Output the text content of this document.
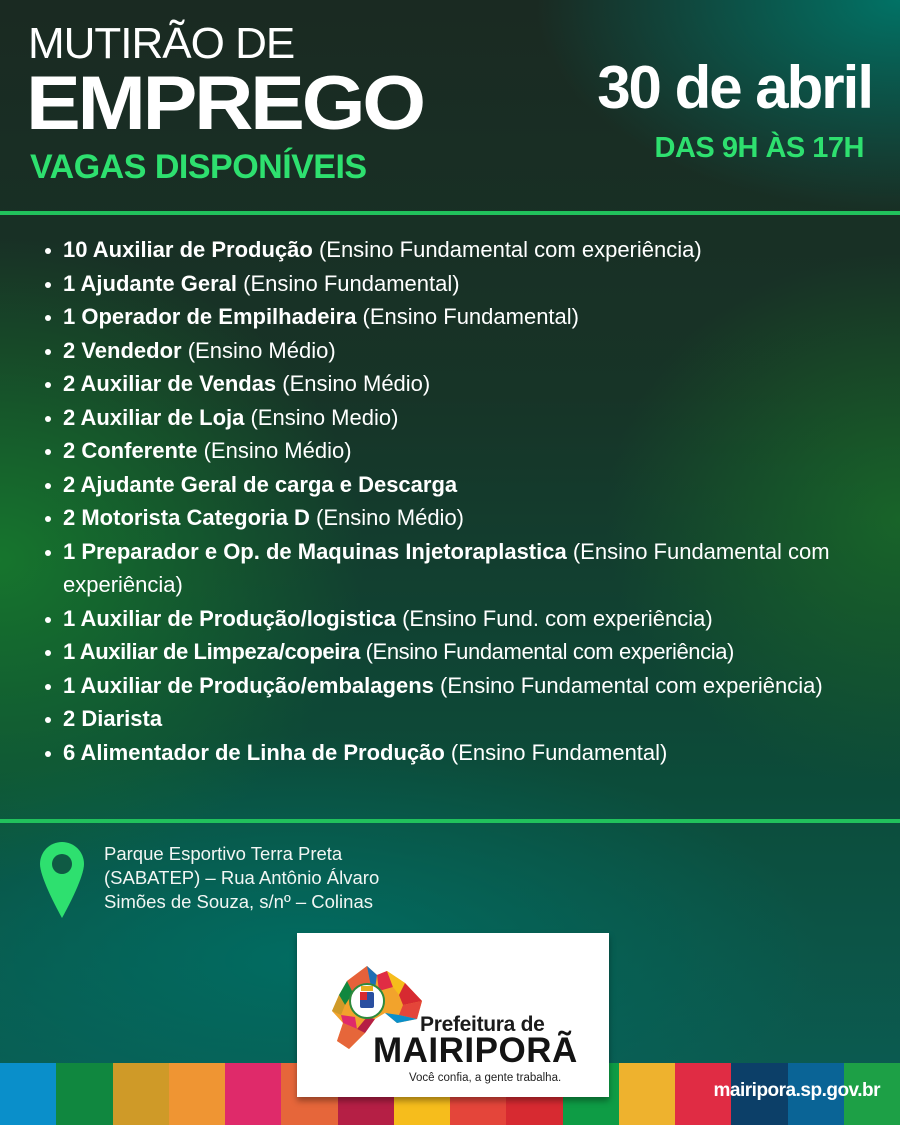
MUTIRÃO DE
EMPREGO
VAGAS DISPONÍVEIS
30 de abril
DAS 9H ÀS 17H
10 Auxiliar de Produção (Ensino Fundamental com experiência)
1 Ajudante Geral (Ensino Fundamental)
1 Operador de Empilhadeira (Ensino Fundamental)
2 Vendedor (Ensino Médio)
2 Auxiliar de Vendas (Ensino Médio)
2 Auxiliar de Loja (Ensino Medio)
2 Conferente (Ensino Médio)
2 Ajudante Geral de carga e Descarga
2 Motorista Categoria D (Ensino Médio)
1 Preparador e Op. de Maquinas Injetoraplastica (Ensino Fundamental com experiência)
1 Auxiliar de Produção/logistica (Ensino Fund. com experiência)
1 Auxiliar de Limpeza/copeira (Ensino Fundamental com experiência)
1 Auxiliar de Produção/embalagens (Ensino Fundamental com experiência)
2 Diarista
6 Alimentador de Linha de Produção (Ensino Fundamental)
Parque Esportivo Terra Preta
(SABATEP) – Rua Antônio Álvaro
Simões de Souza, s/nº – Colinas
mairipora.sp.gov.br
Prefeitura de
MAIRIPORÃ
Você confia, a gente trabalha.
